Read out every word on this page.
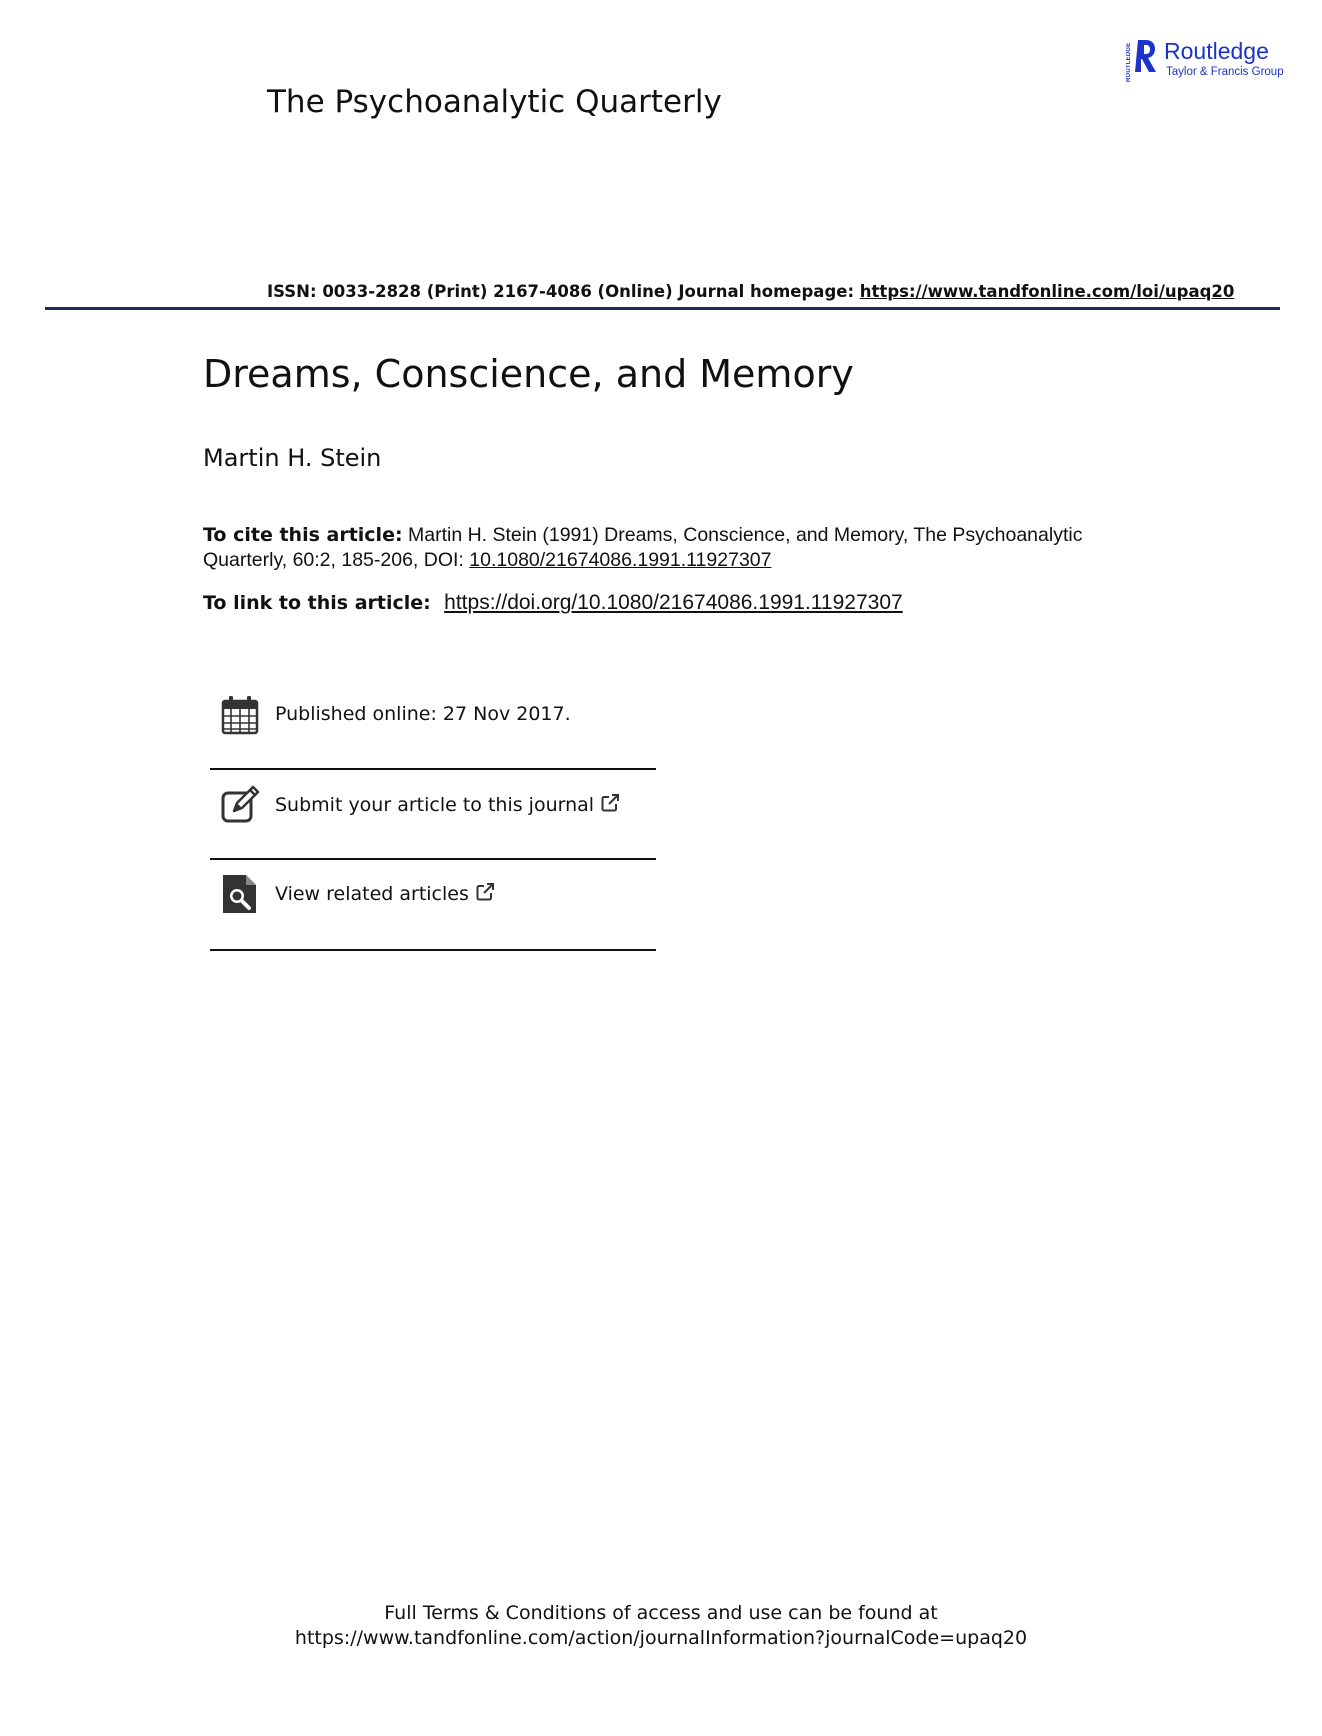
The Psychoanalytic Quarterly
ROUTLEDGE Routledge
Taylor & Francis Group
ISSN: 0033-2828 (Print) 2167-4086 (Online) Journal homepage: https://www.tandfonline.com/loi/upaq20
Dreams, Conscience, and Memory
Martin H. Stein
To cite this article: Martin H. Stein (1991) Dreams, Conscience, and Memory, The Psychoanalytic Quarterly, 60:2, 185-206, DOI: 10.1080/21674086.1991.11927307
To link to this article: https://doi.org/10.1080/21674086.1991.11927307
Published online: 27 Nov 2017.
Submit your article to this journal
View related articles
Full Terms & Conditions of access and use can be found at
https://www.tandfonline.com/action/journalInformation?journalCode=upaq20
